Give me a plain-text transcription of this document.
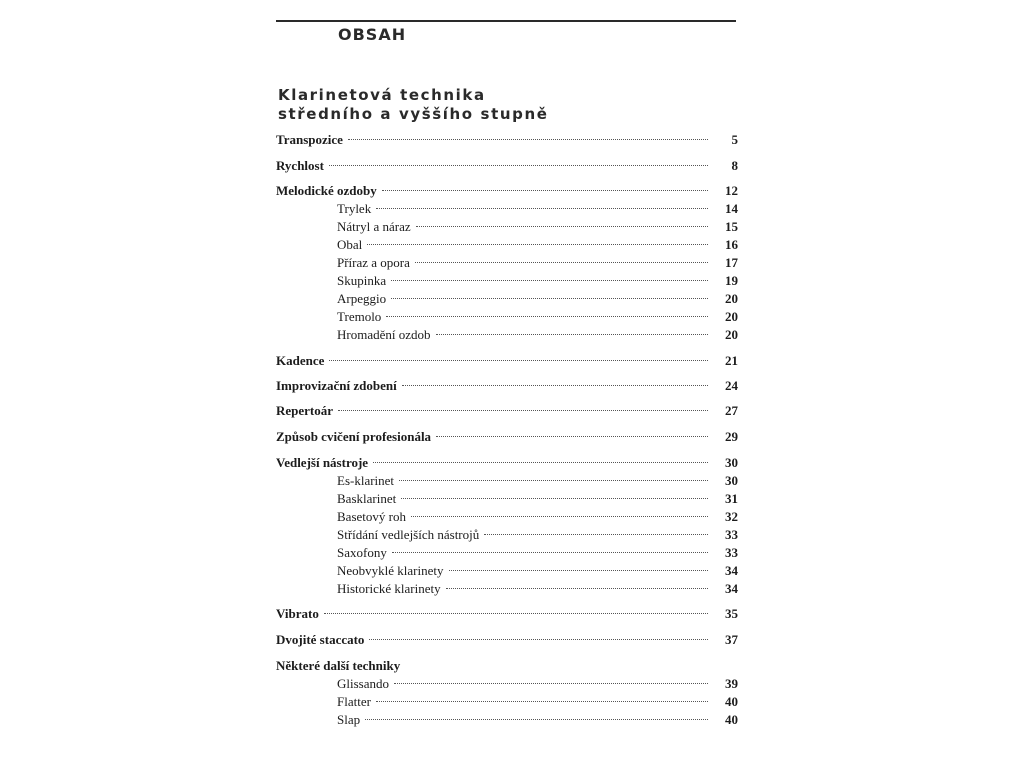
OBSAH
Klarinetová technika
středního a vyššího stupně
Transpozice	5
Rychlost	8
Melodické ozdoby	12
Trylek	14
Nátryl a náraz	15
Obal	16
Příraz a opora	17
Skupinka	19
Arpeggio	20
Tremolo	20
Hromadění ozdob	20
Kadence	21
Improvizační zdobení	24
Repertoár	27
Způsob cvičení profesionála	29
Vedlejší nástroje	30
Es-klarinet	30
Basklarinet	31
Basetový roh	32
Střídání vedlejších nástrojů	33
Saxofony	33
Neobvyklé klarinety	34
Historické klarinety	34
Vibrato	35
Dvojité staccato	37
Některé další techniky
Glissando	39
Flatter	40
Slap	40
